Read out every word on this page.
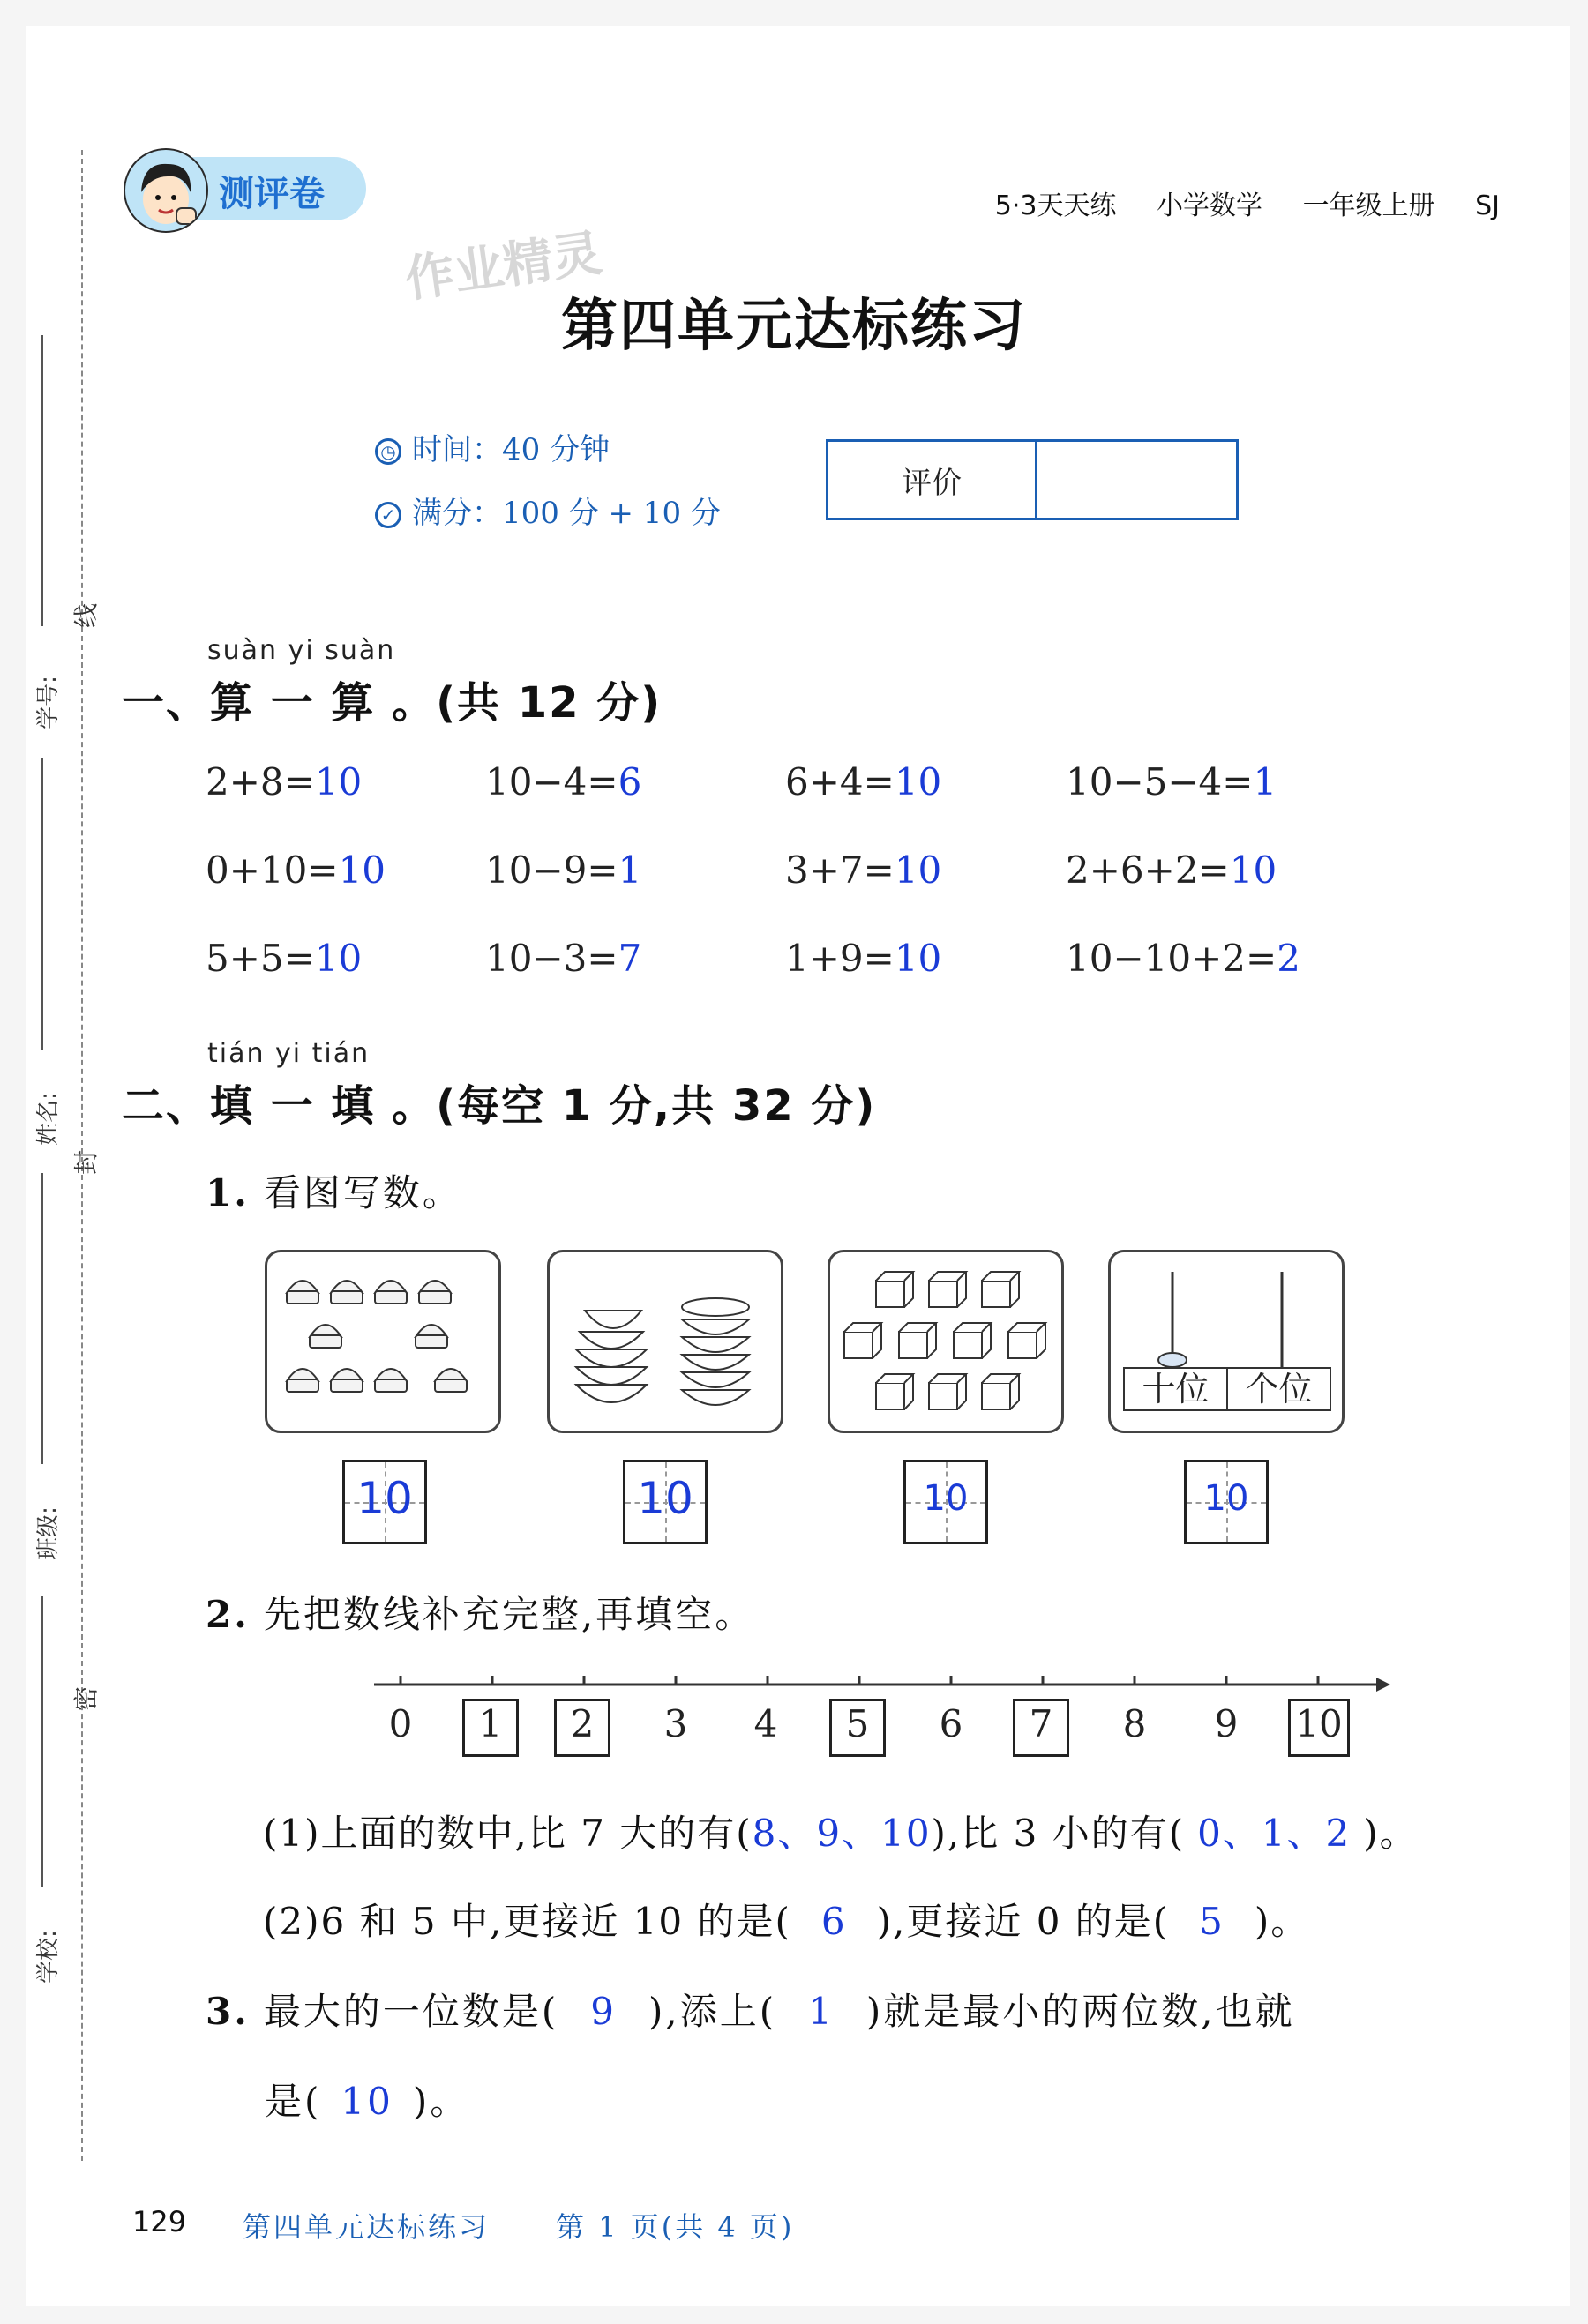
学号:
姓名:
班级:
学校:
线
封
密
测评卷	5·3天天练 小学数学 一年级上册 SJ
作业精灵
第四单元达标练习
◷ 时间：40 分钟
✓ 满分：100 分 + 10 分
评价
suàn yi suàn
一、算 一 算 。(共 12 分)
2+8=10	10−4=6	6+4=10	10−5−4=1
0+10=10	10−9=1	3+7=10	2+6+2=10
5+5=10	10−3=7	1+9=10	10−10+2=2
tián yi tián
二、填 一 填 。(每空 1 分,共 32 分)
1. 看图写数。
十位	个位
10	10	10	10
2. 先把数线补充完整,再填空。
0	1	2	3	4	5	6	7	8	9	10
(1)上面的数中,比 7 大的有(8、9、10),比 3 小的有( 0、1、2 )。
(2)6 和 5 中,更接近 10 的是( 6 ),更接近 0 的是( 5 )。
3. 最大的一位数是( 9 ),添上( 1 )就是最小的两位数,也就
是( 10 )。
129 第四单元达标练习 第 1 页(共 4 页)
